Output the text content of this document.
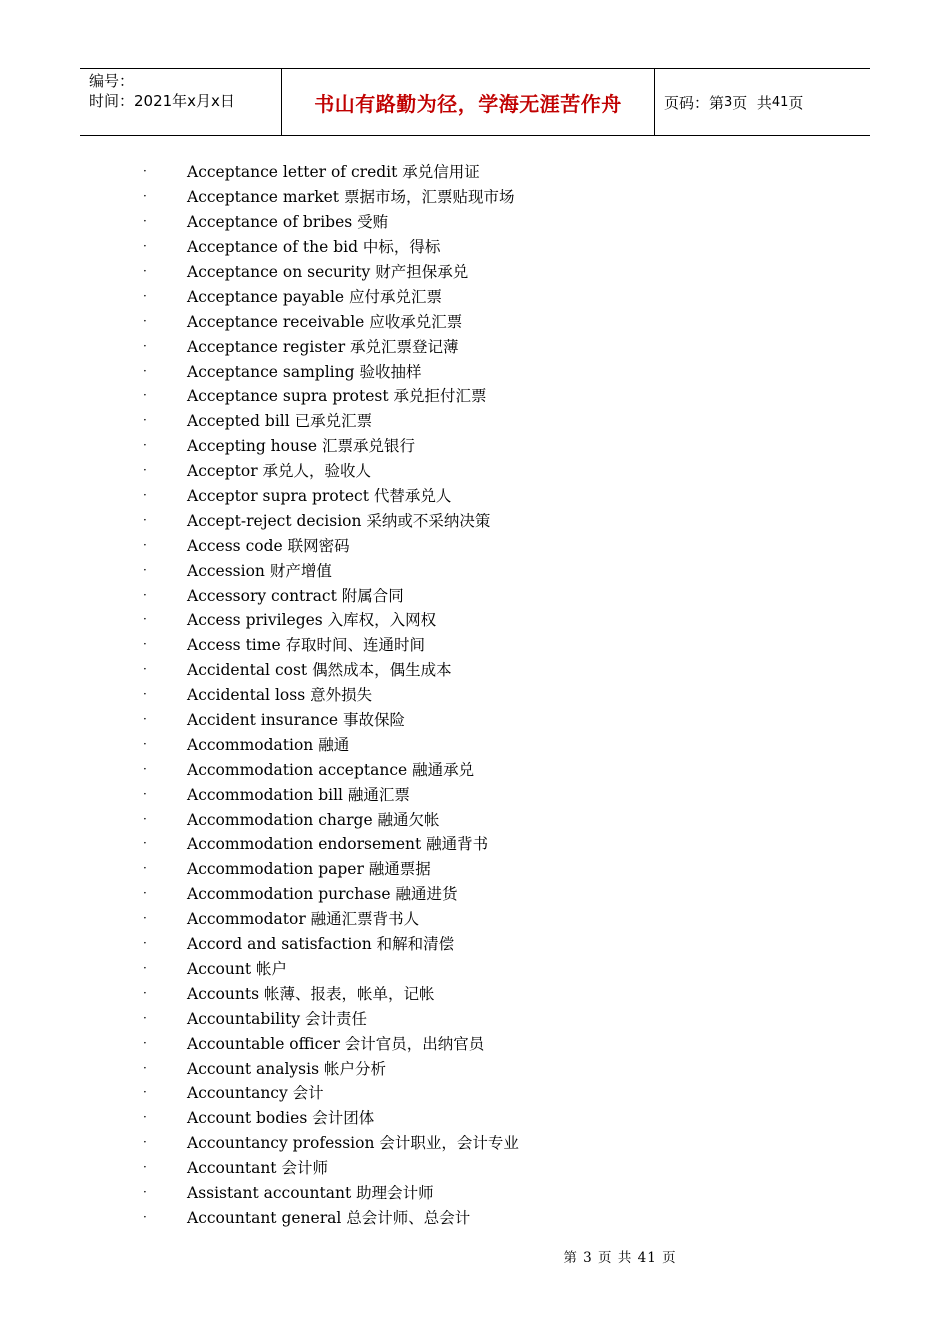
编号：
时间：2021年x月x日	书山有路勤为径，学海无涯苦作舟	页码：第 3 页  共 41 页
·	Acceptance letter of credit 承兑信用证
·	Acceptance market 票据市场，汇票贴现市场
·	Acceptance of bribes 受贿
·	Acceptance of the bid 中标，得标
·	Acceptance on security 财产担保承兑
·	Acceptance payable 应付承兑汇票
·	Acceptance receivable 应收承兑汇票
·	Acceptance register 承兑汇票登记薄
·	Acceptance sampling 验收抽样
·	Acceptance supra protest 承兑拒付汇票
·	Accepted bill 已承兑汇票
·	Accepting house 汇票承兑银行
·	Acceptor 承兑人，验收人
·	Acceptor supra protect 代替承兑人
·	Accept-reject decision 采纳或不采纳决策
·	Access code 联网密码
·	Accession 财产增值
·	Accessory contract 附属合同
·	Access privileges 入库权，入网权
·	Access time 存取时间、连通时间
·	Accidental cost 偶然成本，偶生成本
·	Accidental loss 意外损失
·	Accident insurance 事故保险
·	Accommodation 融通
·	Accommodation acceptance 融通承兑
·	Accommodation bill 融通汇票
·	Accommodation charge 融通欠帐
·	Accommodation endorsement 融通背书
·	Accommodation paper 融通票据
·	Accommodation purchase 融通进货
·	Accommodator 融通汇票背书人
·	Accord and satisfaction 和解和清偿
·	Account 帐户
·	Accounts 帐薄、报表，帐单，记帐
·	Accountability 会计责任
·	Accountable officer 会计官员，出纳官员
·	Account analysis 帐户分析
·	Accountancy 会计
·	Account bodies 会计团体
·	Accountancy profession 会计职业，会计专业
·	Accountant 会计师
·	Assistant accountant 助理会计师
·	Accountant general 总会计师、总会计
第 3 页 共 41 页
